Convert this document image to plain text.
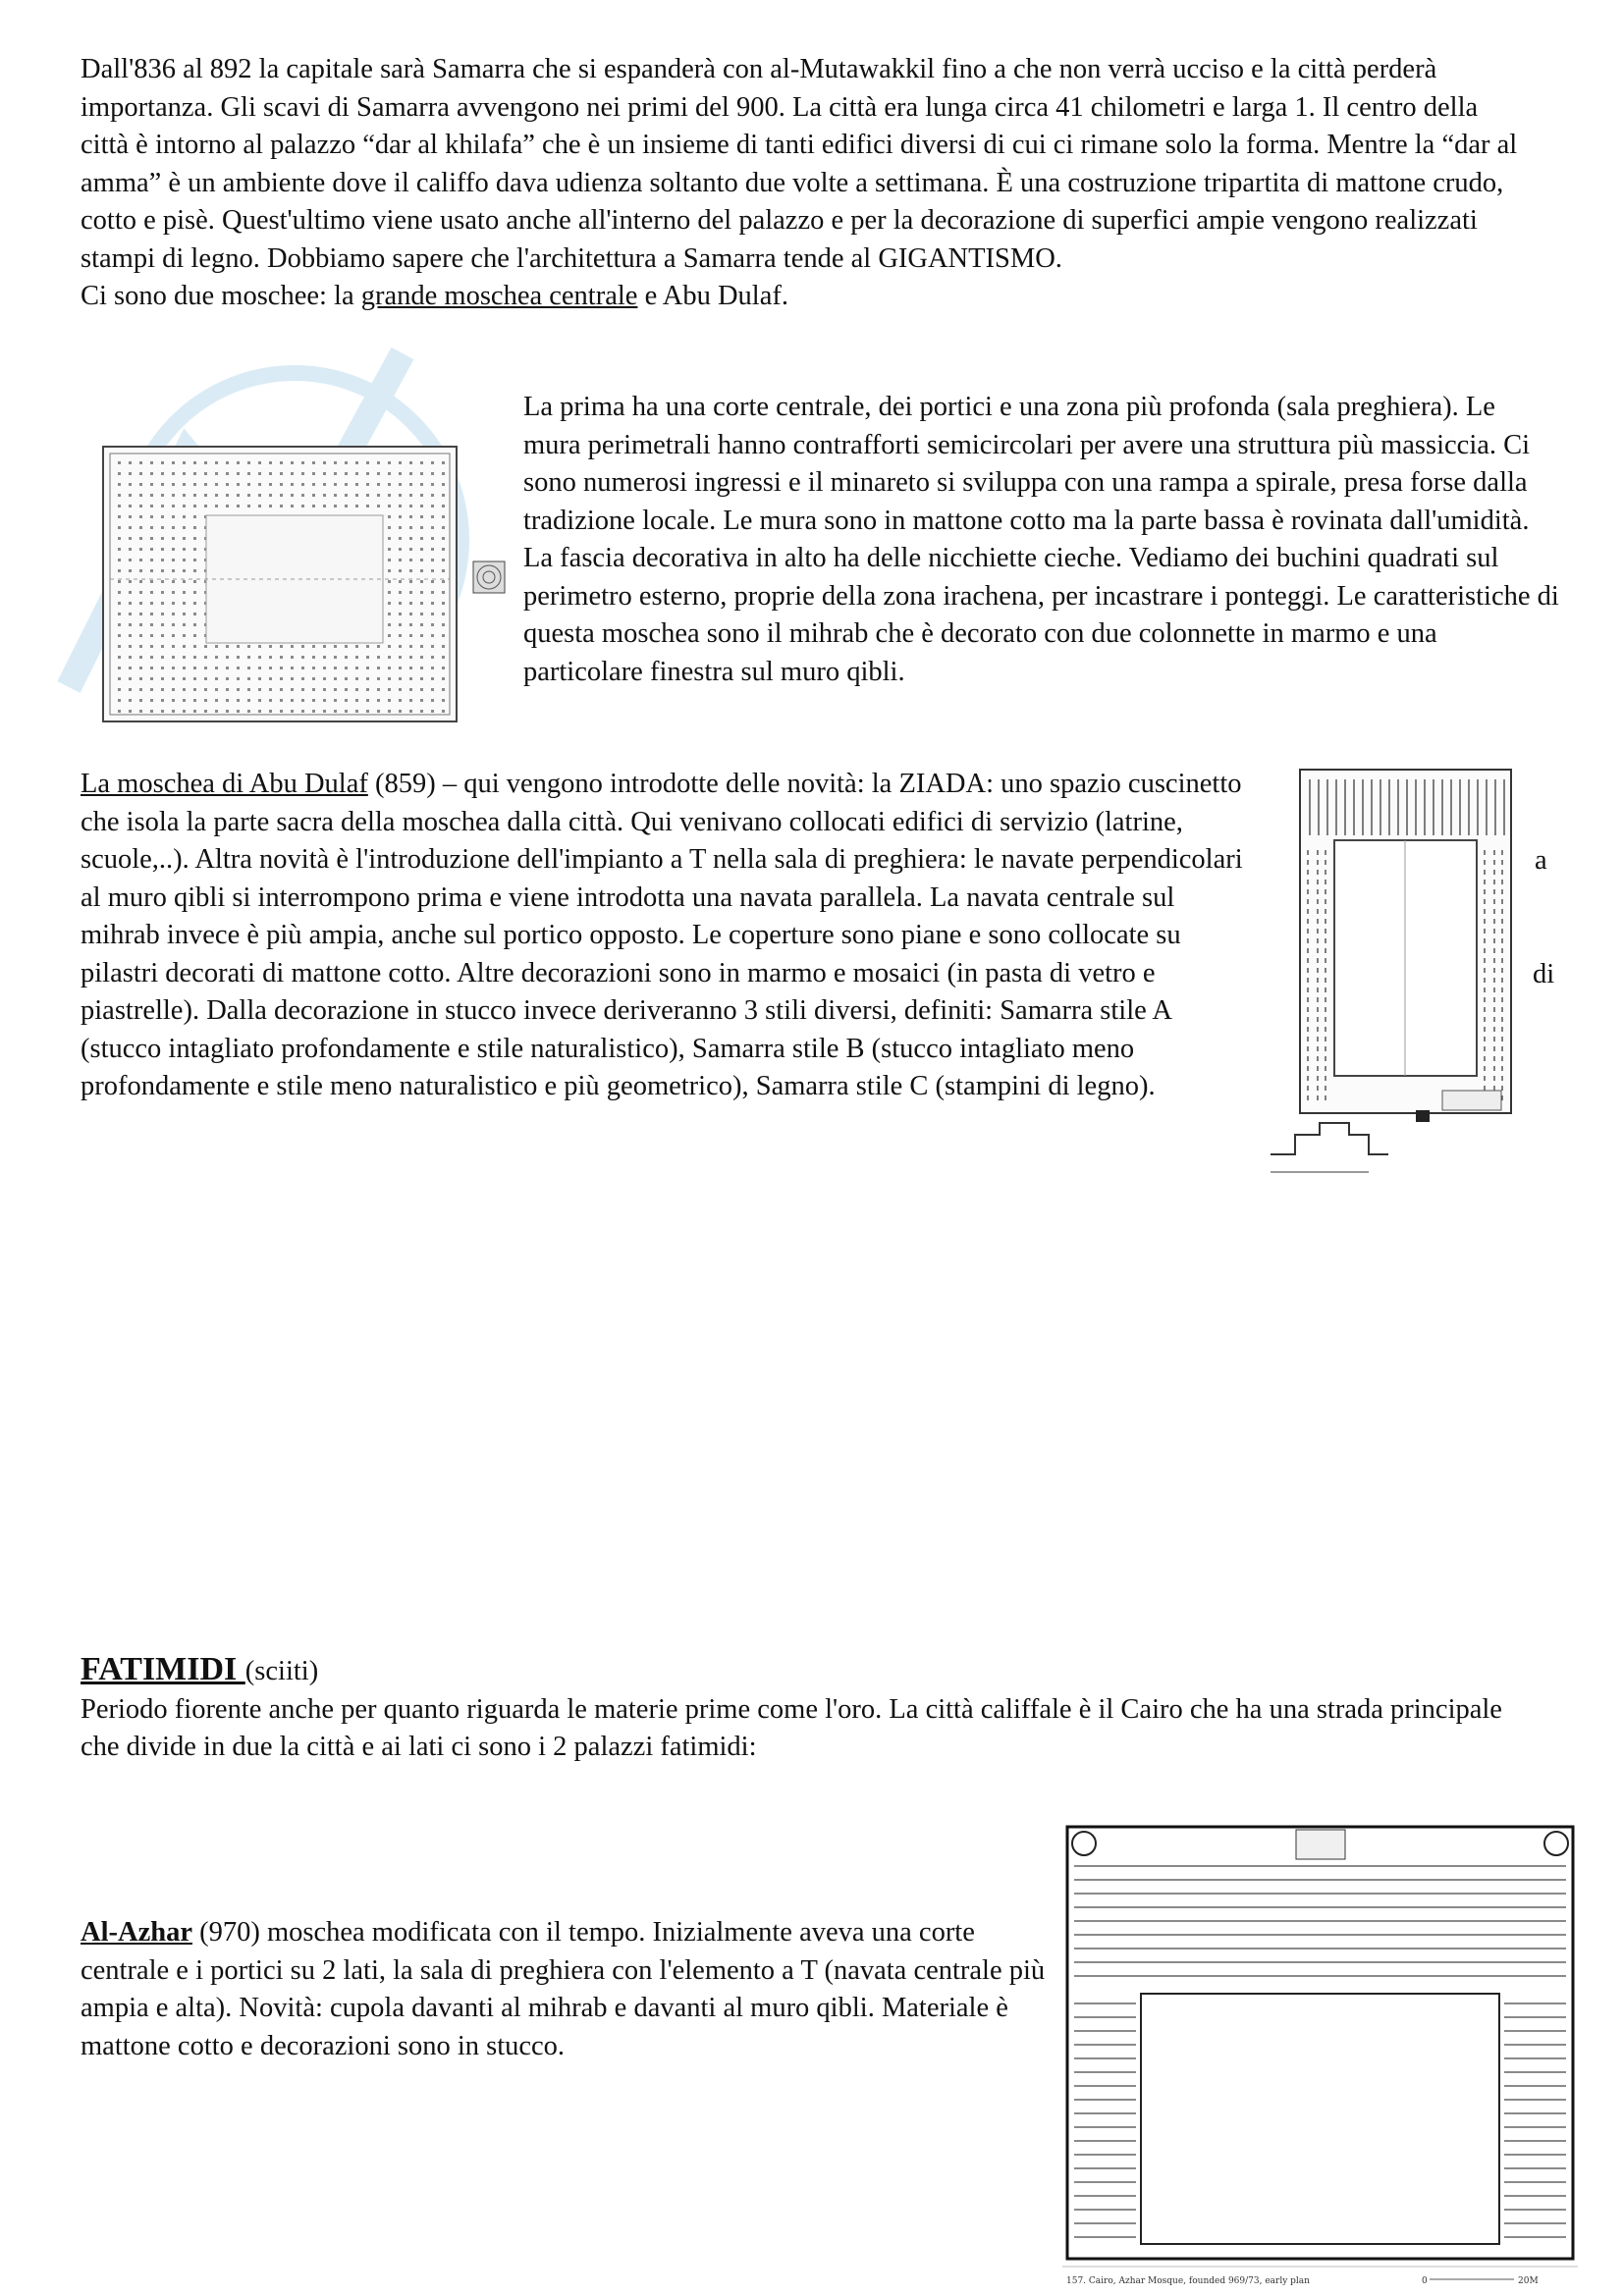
Dall'836 al 892 la capitale sarà Samarra che si espanderà con al-Mutawakkil fino a che non verrà ucciso e la città perderà importanza. Gli scavi di Samarra avvengono nei primi del 900. La città era lunga circa 41 chilometri e larga 1. Il centro della città è intorno al palazzo “dar al khilafa” che è un insieme di tanti edifici diversi di cui ci rimane solo la forma. Mentre la “dar al amma” è un ambiente dove il califfo dava udienza soltanto due volte a settimana. È una costruzione tripartita di mattone crudo, cotto e pisè. Quest'ultimo viene usato anche all'interno del palazzo e per la decorazione di superfici ampie vengono realizzati stampi di legno. Dobbiamo sapere che l'architettura a Samarra tende al GIGANTISMO.

Ci sono due moschee: la grande moschea centrale e Abu Dulaf.

La prima ha una corte centrale, dei portici e una zona più profonda (sala preghiera). Le mura perimetrali hanno contrafforti semicircolari per avere una struttura più massiccia. Ci sono numerosi ingressi e il minareto si sviluppa con una rampa a spirale, presa forse dalla tradizione locale. Le mura sono in mattone cotto ma la parte bassa è rovinata dall'umidità. La fascia decorativa in alto ha delle nicchiette cieche. Vediamo dei buchini quadrati sul perimetro esterno, proprie della zona irachena, per incastrare i ponteggi. Le caratteristiche di questa moschea sono il mihrab che è decorato con due colonnette in marmo e una particolare finestra sul muro qibli.

La moschea di Abu Dulaf (859) – qui vengono introdotte delle novità: la ZIADA: uno spazio cuscinetto che isola la parte sacra della moschea dalla città. Qui venivano collocati edifici di servizio (latrine, scuole,..). Altra novità è l'introduzione dell'impianto a T nella sala di preghiera: le navate perpendicolari al muro qibli si interrompono prima e viene introdotta una navata parallela. La navata centrale sul mihrab invece è più ampia, anche sul portico opposto. Le coperture sono piane e sono collocate su pilastri decorati di mattone cotto. Altre decorazioni sono in marmo e mosaici (in pasta di vetro e piastrelle). Dalla decorazione in stucco invece deriveranno 3 stili diversi, definiti: Samarra stile A (stucco intagliato profondamente e stile naturalistico), Samarra stile B (stucco intagliato meno profondamente e stile meno naturalistico e più geometrico), Samarra stile C (stampini di legno).

a
di

FATIMIDI (sciiti)

Periodo fiorente anche per quanto riguarda le materie prime come l'oro. La città califfale è il Cairo che ha una strada principale che divide in due la città e ai lati ci sono i 2 palazzi fatimidi:

Al-Azhar (970) moschea modificata con il tempo. Inizialmente aveva una corte centrale e i portici su 2 lati, la sala di preghiera con l'elemento a T (navata centrale più ampia e alta). Novità: cupola davanti al mihrab e davanti al muro qibli. Materiale è mattone cotto e decorazioni sono in stucco.

157. Cairo, Azhar Mosque, founded 969/73, early plan	0	20M
